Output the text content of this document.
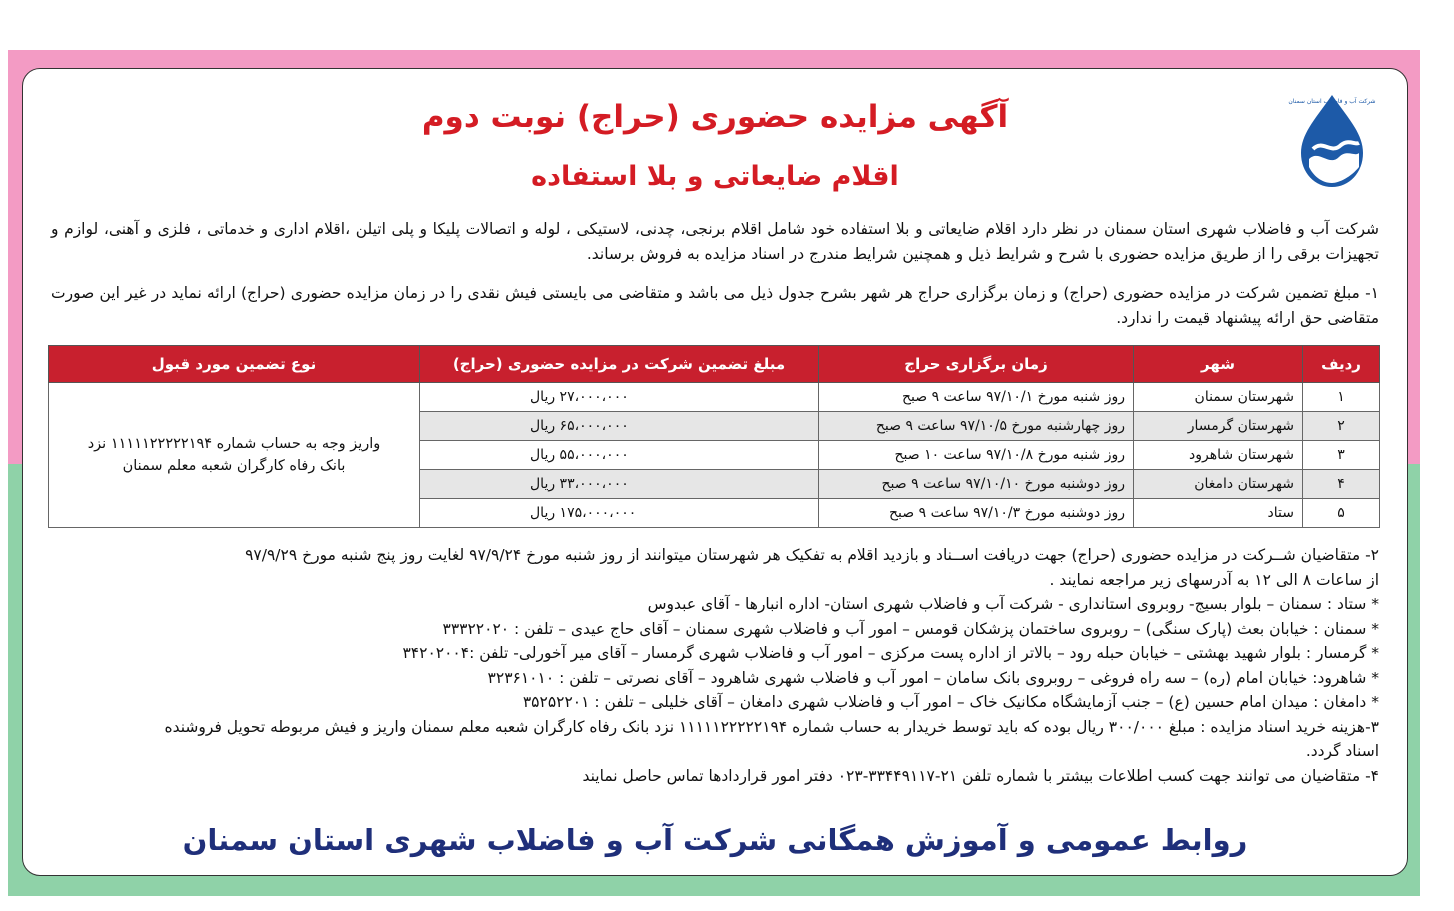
شرکت آب و فاضلاب استان سمنان
آگهی مزایده حضوری (حراج) نوبت دوم
اقلام ضایعاتی و بلا استفاده
شرکت آب و فاضلاب شهری استان سمنان در نظر دارد اقلام ضایعاتی و بلا استفاده خود شامل اقلام برنجی، چدنی، لاستیکی ، لوله و اتصالات پلیکا و پلی اتیلن ،اقلام اداری و خدماتی ، فلزی و آهنی، لوازم و تجهیزات برقی را از طریق مزایده حضوری با شرح و شرایط ذیل و همچنین شرایط مندرج در اسناد مزایده به فروش برساند.
۱- مبلغ تضمین شرکت در مزایده حضوری (حراج) و زمان برگزاری حراج هر شهر بشرح جدول ذیل می باشد و متقاضی می بایستی فیش نقدی را در زمان مزایده حضوری (حراج) ارائه نماید در غیر این صورت متقاضی حق ارائه پیشنهاد قیمت را ندارد.
ردیف	شهر	زمان برگزاری حراج	مبلغ تضمین شرکت در مزایده حضوری (حراج)	نوع تضمین مورد قبول
۱	شهرستان سمنان	روز شنبه مورخ ۹۷/۱۰/۱ ساعت ۹ صبح	۲۷،۰۰۰،۰۰۰ ریال	واریز وجه به حساب شماره ۱۱۱۱۱۲۲۲۲۲۱۹۴ نزد
بانک رفاه کارگران شعبه معلم سمنان

۲	شهرستان گرمسار	روز چهارشنبه مورخ ۹۷/۱۰/۵ ساعت ۹ صبح	۶۵،۰۰۰،۰۰۰ ریال	
۳	شهرستان شاهرود	روز شنبه مورخ ۹۷/۱۰/۸ ساعت ۱۰ صبح	۵۵،۰۰۰،۰۰۰ ریال	
۴	شهرستان دامغان	روز دوشنبه مورخ ۹۷/۱۰/۱۰ ساعت ۹ صبح	۳۳،۰۰۰،۰۰۰ ریال	
۵	ستاد	روز دوشنبه مورخ ۹۷/۱۰/۳ ساعت ۹ صبح	۱۷۵،۰۰۰،۰۰۰ ریال	
۲- متقاضیان شــرکت در مزایده حضوری (حراج) جهت دریافت اســناد و بازدید اقلام به تفکیک هر شهرستان میتوانند از روز شنبه مورخ ۹۷/۹/۲۴ لغایت روز پنج شنبه مورخ ۹۷/۹/۲۹
از ساعات ۸ الی ۱۲ به آدرسهای زیر مراجعه نمایند .
* ستاد : سمنان – بلوار بسیج- روبروی استانداری - شرکت آب و فاضلاب شهری استان- اداره انبارها - آقای عبدوس
* سمنان : خیابان بعث (پارک سنگی) – روبروی ساختمان پزشکان قومس – امور آب و فاضلاب شهری سمنان – آقای حاج عیدی – تلفن : ۳۳۳۲۲۰۲۰
* گرمسار : بلوار شهید بهشتی – خیابان حبله رود – بالاتر از اداره پست مرکزی – امور آب و فاضلاب شهری گرمسار – آقای میر آخورلی- تلفن :۳۴۲۰۲۰۰۴
* شاهرود: خیابان امام (ره) – سه راه فروغی – روبروی بانک سامان – امور آب و فاضلاب شهری شاهرود – آقای نصرتی – تلفن : ۳۲۳۶۱۰۱۰
* دامغان : میدان امام حسین (ع) – جنب آزمایشگاه مکانیک خاک – امور آب و فاضلاب شهری دامغان – آقای خلیلی – تلفن : ۳۵۲۵۲۲۰۱
۳-هزینه خرید اسناد مزایده : مبلغ ۳۰۰/۰۰۰ ریال بوده که باید توسط خریدار به حساب شماره ۱۱۱۱۱۲۲۲۲۲۱۹۴ نزد بانک رفاه کارگران شعبه معلم سمنان واریز و فیش مربوطه تحویل فروشنده
اسناد گردد.
۴- متقاضیان می توانند جهت کسب اطلاعات بیشتر با شماره تلفن ۲۱-۳۳۴۴۹۱۱۷-۰۲۳ دفتر امور قراردادها تماس حاصل نمایند
روابط عمومی و آموزش همگانی شرکت آب و فاضلاب شهری استان سمنان
